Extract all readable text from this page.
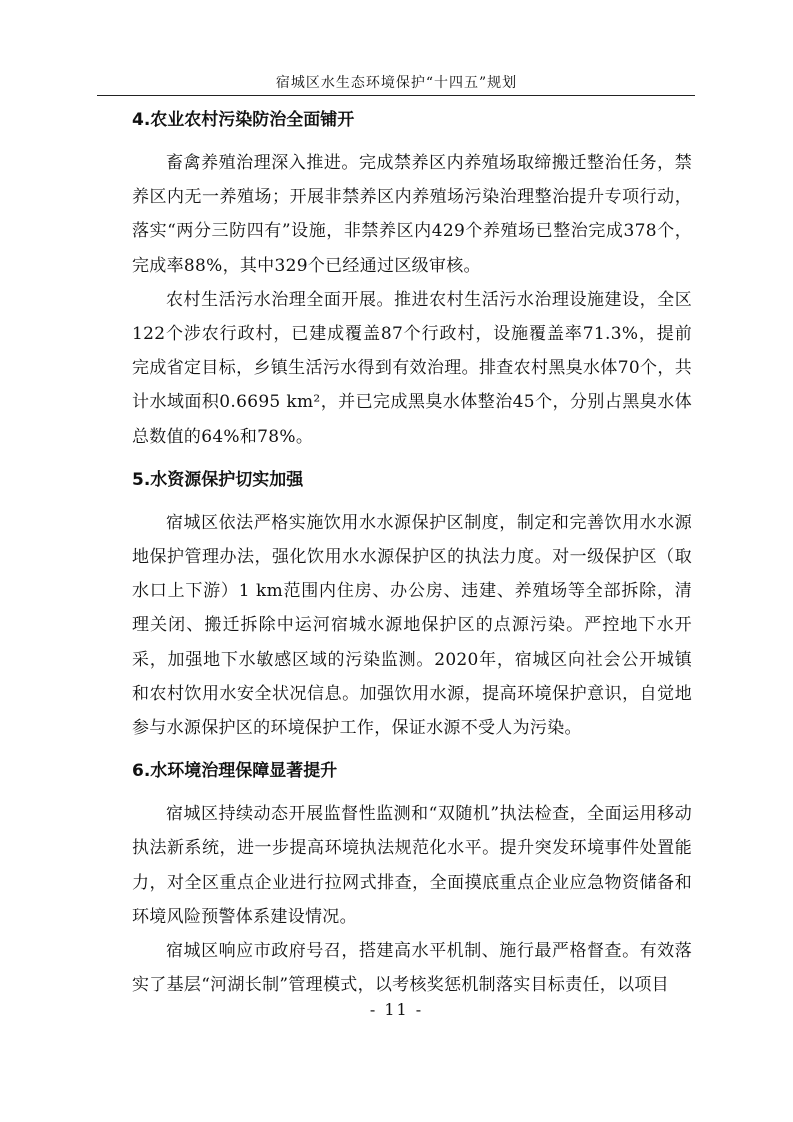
宿城区水生态环境保护“十四五”规划
4.农业农村污染防治全面铺开

畜禽养殖治理深入推进。完成禁养区内养殖场取缔搬迁整治任务，禁养区内无一养殖场；开展非禁养区内养殖场污染治理整治提升专项行动，落实“两分三防四有”设施，非禁养区内429个养殖场已整治完成378个，完成率88%，其中329个已经通过区级审核。

农村生活污水治理全面开展。推进农村生活污水治理设施建设，全区122个涉农行政村，已建成覆盖87个行政村，设施覆盖率71.3%，提前完成省定目标，乡镇生活污水得到有效治理。排查农村黑臭水体70个，共计水域面积0.6695 km²，并已完成黑臭水体整治45个，分别占黑臭水体总数值的64%和78%。

5.水资源保护切实加强

宿城区依法严格实施饮用水水源保护区制度，制定和完善饮用水水源地保护管理办法，强化饮用水水源保护区的执法力度。对一级保护区（取水口上下游）1 km范围内住房、办公房、违建、养殖场等全部拆除，清理关闭、搬迁拆除中运河宿城水源地保护区的点源污染。严控地下水开采，加强地下水敏感区域的污染监测。2020年，宿城区向社会公开城镇和农村饮用水安全状况信息。加强饮用水源，提高环境保护意识，自觉地参与水源保护区的环境保护工作，保证水源不受人为污染。

6.水环境治理保障显著提升

宿城区持续动态开展监督性监测和“双随机”执法检查，全面运用移动执法新系统，进一步提高环境执法规范化水平。提升突发环境事件处置能力，对全区重点企业进行拉网式排查，全面摸底重点企业应急物资储备和环境风险预警体系建设情况。

宿城区响应市政府号召，搭建高水平机制、施行最严格督查。有效落实了基层“河湖长制”管理模式，以考核奖惩机制落实目标责任，以项目

- 11 -
